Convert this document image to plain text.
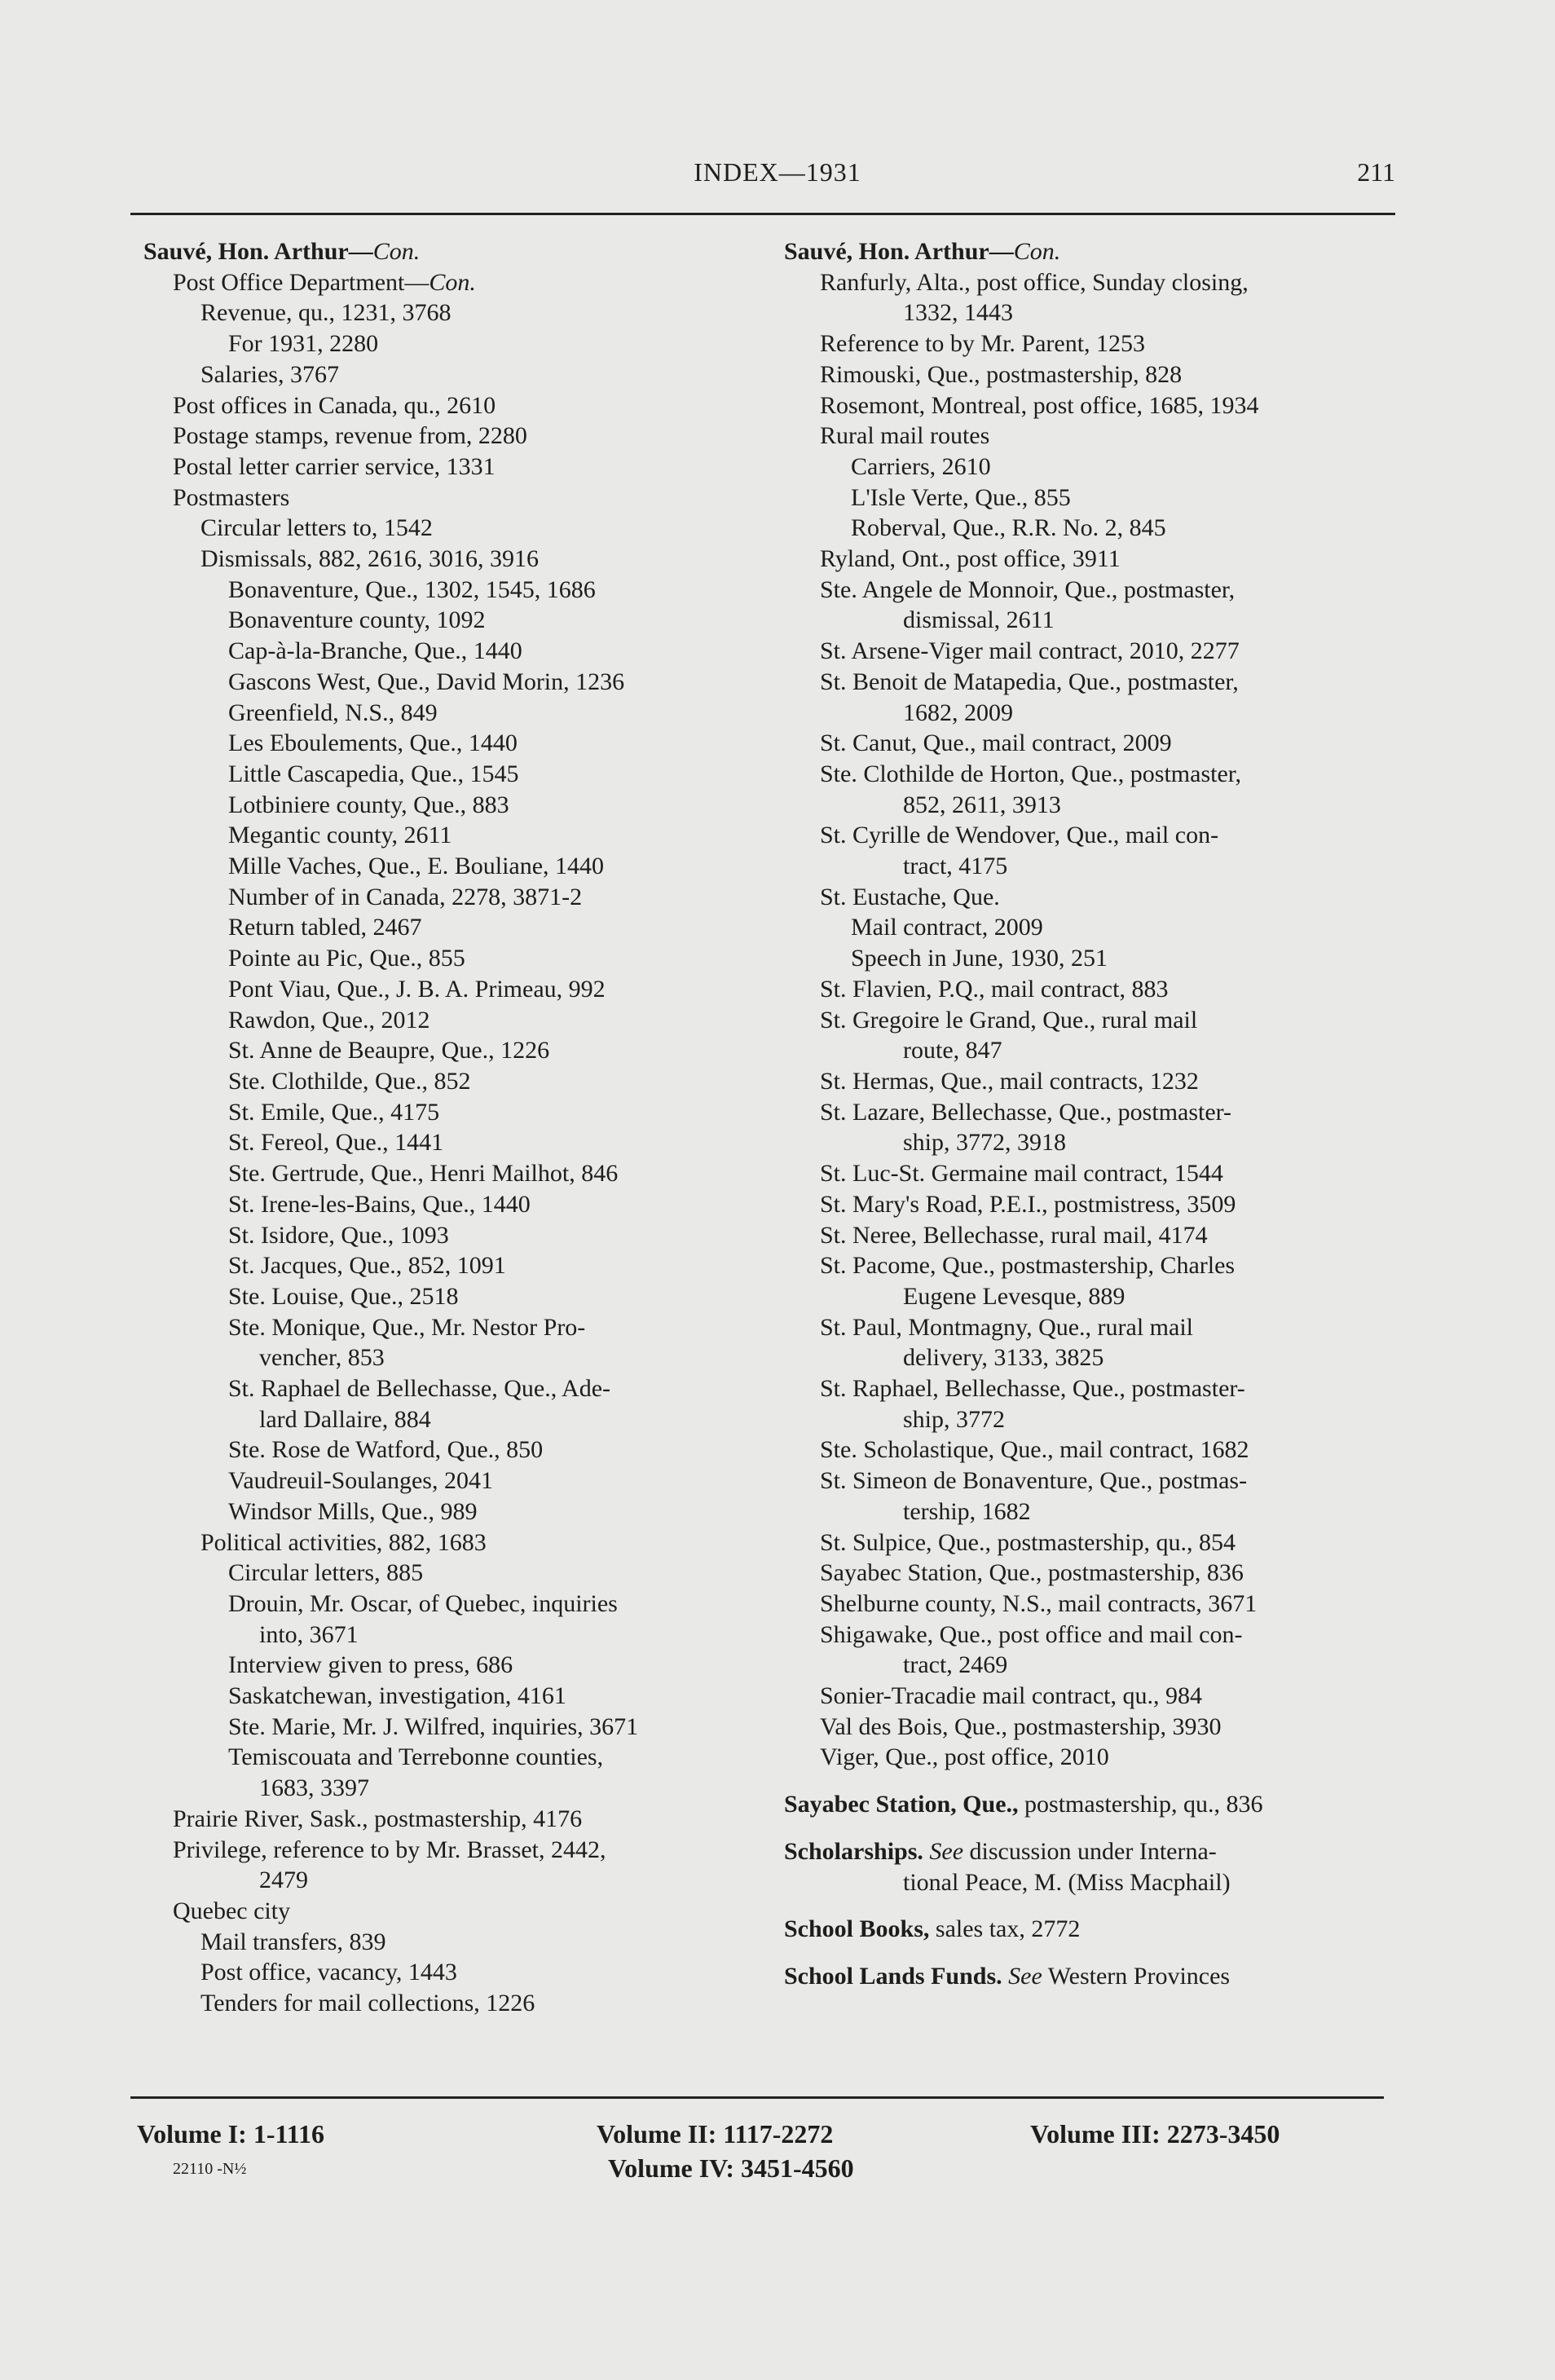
INDEX—1931	211
Sauvé, Hon. Arthur—Con.
Post Office Department—Con.
Revenue, qu., 1231, 3768
For 1931, 2280
Salaries, 3767
Post offices in Canada, qu., 2610
Postage stamps, revenue from, 2280
Postal letter carrier service, 1331
Postmasters
Circular letters to, 1542
Dismissals, 882, 2616, 3016, 3916
Bonaventure, Que., 1302, 1545, 1686
Bonaventure county, 1092
Cap-à-la-Branche, Que., 1440
Gascons West, Que., David Morin, 1236
Greenfield, N.S., 849
Les Eboulements, Que., 1440
Little Cascapedia, Que., 1545
Lotbiniere county, Que., 883
Megantic county, 2611
Mille Vaches, Que., E. Bouliane, 1440
Number of in Canada, 2278, 3871-2
Return tabled, 2467
Pointe au Pic, Que., 855
Pont Viau, Que., J. B. A. Primeau, 992
Rawdon, Que., 2012
St. Anne de Beaupre, Que., 1226
Ste. Clothilde, Que., 852
St. Emile, Que., 4175
St. Fereol, Que., 1441
Ste. Gertrude, Que., Henri Mailhot, 846
St. Irene-les-Bains, Que., 1440
St. Isidore, Que., 1093
St. Jacques, Que., 852, 1091
Ste. Louise, Que., 2518
Ste. Monique, Que., Mr. Nestor Pro-
vencher, 853
St. Raphael de Bellechasse, Que., Ade-
lard Dallaire, 884
Ste. Rose de Watford, Que., 850
Vaudreuil-Soulanges, 2041
Windsor Mills, Que., 989
Political activities, 882, 1683
Circular letters, 885
Drouin, Mr. Oscar, of Quebec, inquiries
into, 3671
Interview given to press, 686
Saskatchewan, investigation, 4161
Ste. Marie, Mr. J. Wilfred, inquiries, 3671
Temiscouata and Terrebonne counties,
1683, 3397
Prairie River, Sask., postmastership, 4176
Privilege, reference to by Mr. Brasset, 2442,
2479
Quebec city
Mail transfers, 839
Post office, vacancy, 1443
Tenders for mail collections, 1226
Sauvé, Hon. Arthur—Con.
Ranfurly, Alta., post office, Sunday closing,
1332, 1443
Reference to by Mr. Parent, 1253
Rimouski, Que., postmastership, 828
Rosemont, Montreal, post office, 1685, 1934
Rural mail routes
Carriers, 2610
L'Isle Verte, Que., 855
Roberval, Que., R.R. No. 2, 845
Ryland, Ont., post office, 3911
Ste. Angele de Monnoir, Que., postmaster,
dismissal, 2611
St. Arsene-Viger mail contract, 2010, 2277
St. Benoit de Matapedia, Que., postmaster,
1682, 2009
St. Canut, Que., mail contract, 2009
Ste. Clothilde de Horton, Que., postmaster,
852, 2611, 3913
St. Cyrille de Wendover, Que., mail con-
tract, 4175
St. Eustache, Que.
Mail contract, 2009
Speech in June, 1930, 251
St. Flavien, P.Q., mail contract, 883
St. Gregoire le Grand, Que., rural mail
route, 847
St. Hermas, Que., mail contracts, 1232
St. Lazare, Bellechasse, Que., postmaster-
ship, 3772, 3918
St. Luc-St. Germaine mail contract, 1544
St. Mary's Road, P.E.I., postmistress, 3509
St. Neree, Bellechasse, rural mail, 4174
St. Pacome, Que., postmastership, Charles
Eugene Levesque, 889
St. Paul, Montmagny, Que., rural mail
delivery, 3133, 3825
St. Raphael, Bellechasse, Que., postmaster-
ship, 3772
Ste. Scholastique, Que., mail contract, 1682
St. Simeon de Bonaventure, Que., postmas-
tership, 1682
St. Sulpice, Que., postmastership, qu., 854
Sayabec Station, Que., postmastership, 836
Shelburne county, N.S., mail contracts, 3671
Shigawake, Que., post office and mail con-
tract, 2469
Sonier-Tracadie mail contract, qu., 984
Val des Bois, Que., postmastership, 3930
Viger, Que., post office, 2010
Sayabec Station, Que., postmastership, qu., 836
Scholarships. See discussion under Interna-
tional Peace, M. (Miss Macphail)
School Books, sales tax, 2772
School Lands Funds. See Western Provinces
Volume I: 1-1116	Volume II: 1117-2272	Volume III: 2273-3450
Volume IV: 3451-4560
22110 -N½
